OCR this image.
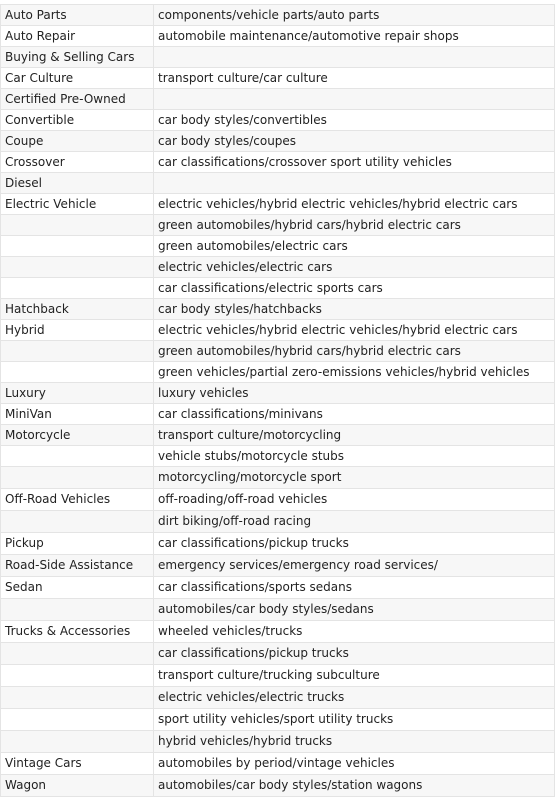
Auto Parts	components/vehicle parts/auto parts
Auto Repair	automobile maintenance/automotive repair shops
Buying & Selling Cars	
Car Culture	transport culture/car culture
Certified Pre-Owned	
Convertible	car body styles/convertibles
Coupe	car body styles/coupes
Crossover	car classifications/crossover sport utility vehicles
Diesel	
Electric Vehicle	electric vehicles/hybrid electric vehicles/hybrid electric cars
	green automobiles/hybrid cars/hybrid electric cars
	green automobiles/electric cars
	electric vehicles/electric cars
	car classifications/electric sports cars
Hatchback	car body styles/hatchbacks
Hybrid	electric vehicles/hybrid electric vehicles/hybrid electric cars
	green automobiles/hybrid cars/hybrid electric cars
	green vehicles/partial zero-emissions vehicles/hybrid vehicles
Luxury	luxury vehicles
MiniVan	car classifications/minivans
Motorcycle	transport culture/motorcycling
	vehicle stubs/motorcycle stubs
	motorcycling/motorcycle sport
Off-Road Vehicles	off-roading/off-road vehicles
	dirt biking/off-road racing
Pickup	car classifications/pickup trucks
Road-Side Assistance	emergency services/emergency road services/
Sedan	car classifications/sports sedans
	automobiles/car body styles/sedans
Trucks & Accessories	wheeled vehicles/trucks
	car classifications/pickup trucks
	transport culture/trucking subculture
	electric vehicles/electric trucks
	sport utility vehicles/sport utility trucks
	hybrid vehicles/hybrid trucks
Vintage Cars	automobiles by period/vintage vehicles
Wagon	automobiles/car body styles/station wagons
